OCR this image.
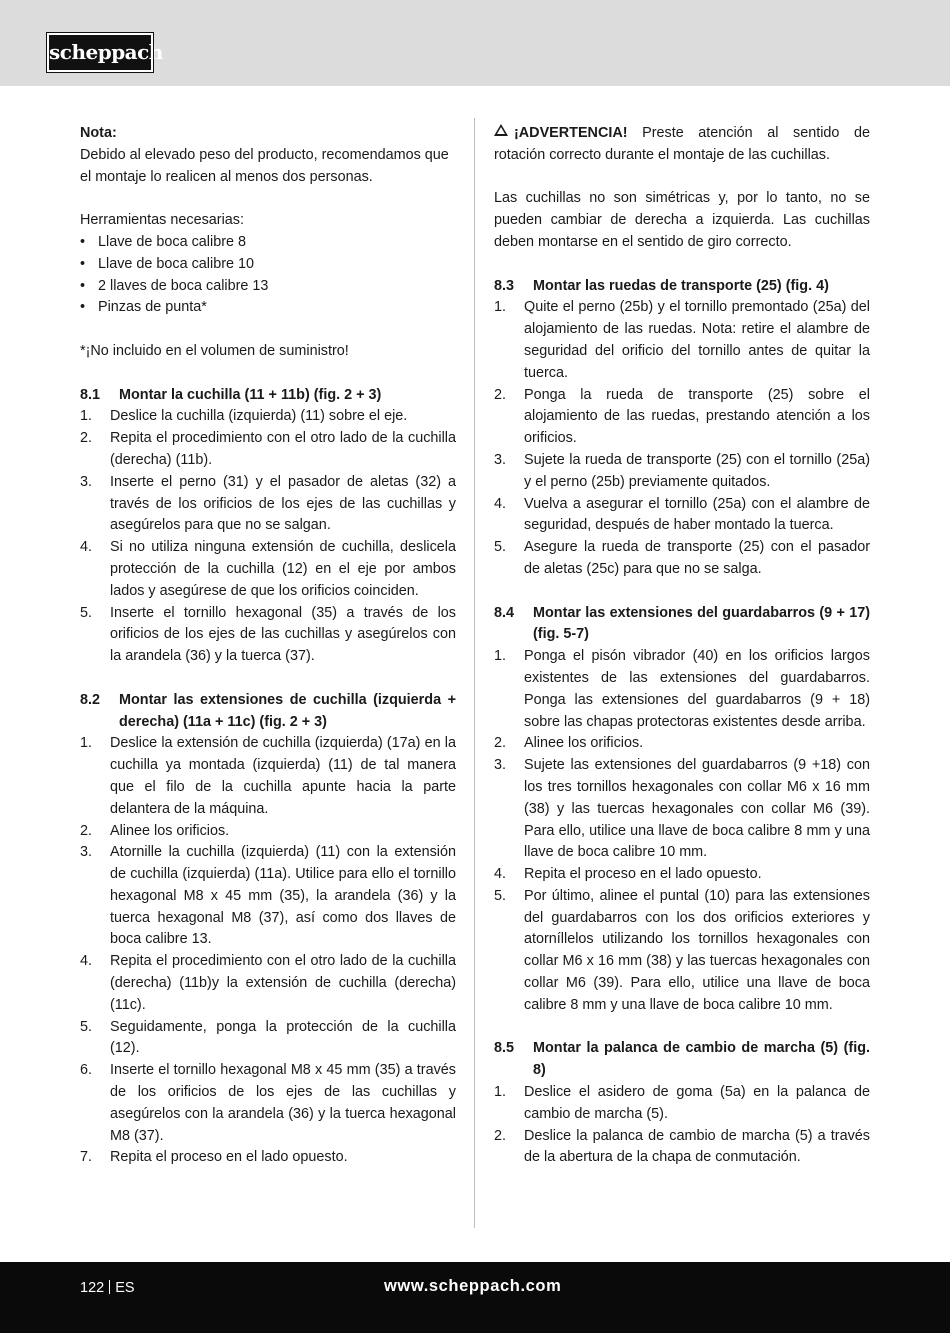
scheppach

Nota:

Debido al elevado peso del producto, recomendamos que el montaje lo realicen al menos dos personas.

Herramientas necesarias:

• Llave de boca calibre 8
• Llave de boca calibre 10
• 2 llaves de boca calibre 13
• Pinzas de punta*

*¡No incluido en el volumen de suministro!

8.1	Montar la cuchilla (11 + 11b) (fig. 2 + 3)
1.	Deslice la cuchilla (izquierda) (11) sobre el eje.
2.	Repita el procedimiento con el otro lado de la cuchilla (derecha) (11b).
3.	Inserte el perno (31) y el pasador de aletas (32) a través de los orificios de los ejes de las cuchillas y asegúrelos para que no se salgan.
4.	Si no utiliza ninguna extensión de cuchilla, deslicela protección de la cuchilla (12) en el eje por ambos lados y asegúrese de que los orificios coinciden.
5.	Inserte el tornillo hexagonal (35) a través de los orificios de los ejes de las cuchillas y asegúrelos con la arandela (36) y la tuerca (37).
8.2	Montar las extensiones de cuchilla (izquierda + derecha) (11a + 11c) (fig. 2 + 3)
1.	Deslice la extensión de cuchilla (izquierda) (17a) en la cuchilla ya montada (izquierda) (11) de tal manera que el filo de la cuchilla apunte hacia la parte delantera de la máquina.
2.	Alinee los orificios.
3.	Atornille la cuchilla (izquierda) (11) con la extensión de cuchilla (izquierda) (11a). Utilice para ello el tornillo hexagonal M8 x 45 mm (35), la arandela (36) y la tuerca hexagonal M8 (37), así como dos llaves de boca calibre 13.
4.	Repita el procedimiento con el otro lado de la cuchilla (derecha) (11b)y la extensión de cuchilla (derecha) (11c).
5.	Seguidamente, ponga la protección de la cuchilla (12).
6.	Inserte el tornillo hexagonal M8 x 45 mm (35) a través de los orificios de los ejes de las cuchillas y asegúrelos con la arandela (36) y la tuerca hexagonal M8 (37).
7.	Repita el proceso en el lado opuesto.

¡ADVERTENCIA! Preste atención al sentido de rotación correcto durante el montaje de las cuchillas.

Las cuchillas no son simétricas y, por lo tanto, no se pueden cambiar de derecha a izquierda. Las cuchillas deben montarse en el sentido de giro correcto.

8.3	Montar las ruedas de transporte (25) (fig. 4)
1.	Quite el perno (25b) y el tornillo premontado (25a) del alojamiento de las ruedas. Nota: retire el alambre de seguridad del orificio del tornillo antes de quitar la tuerca.
2.	Ponga la rueda de transporte (25) sobre el alojamiento de las ruedas, prestando atención a los orificios.
3.	Sujete la rueda de transporte (25) con el tornillo (25a) y el perno (25b) previamente quitados.
4.	Vuelva a asegurar el tornillo (25a) con el alambre de seguridad, después de haber montado la tuerca.
5.	Asegure la rueda de transporte (25) con el pasador de aletas (25c) para que no se salga.
8.4	Montar las extensiones del guardabarros (9 + 17) (fig. 5-7)
1.	Ponga el pisón vibrador (40) en los orificios largos existentes de las extensiones del guardabarros. Ponga las extensiones del guardabarros (9 + 18) sobre las chapas protectoras existentes desde arriba.
2.	Alinee los orificios.
3.	Sujete las extensiones del guardabarros (9 +18) con los tres tornillos hexagonales con collar M6 x 16 mm (38) y las tuercas hexagonales con collar M6 (39). Para ello, utilice una llave de boca calibre 8 mm y una llave de boca calibre 10 mm.
4.	Repita el proceso en el lado opuesto.
5.	Por último, alinee el puntal (10) para las extensiones del guardabarros con los dos orificios exteriores y atorníllelos utilizando los tornillos hexagonales con collar M6 x 16 mm (38) y las tuercas hexagonales con collar M6 (39). Para ello, utilice una llave de boca calibre 8 mm y una llave de boca calibre 10 mm.
8.5	Montar la palanca de cambio de marcha (5) (fig. 8)
1.	Deslice el asidero de goma (5a) en la palanca de cambio de marcha (5).
2.	Deslice la palanca de cambio de marcha (5) a través de la abertura de la chapa de conmutación.
122 ES	www.scheppach.com
